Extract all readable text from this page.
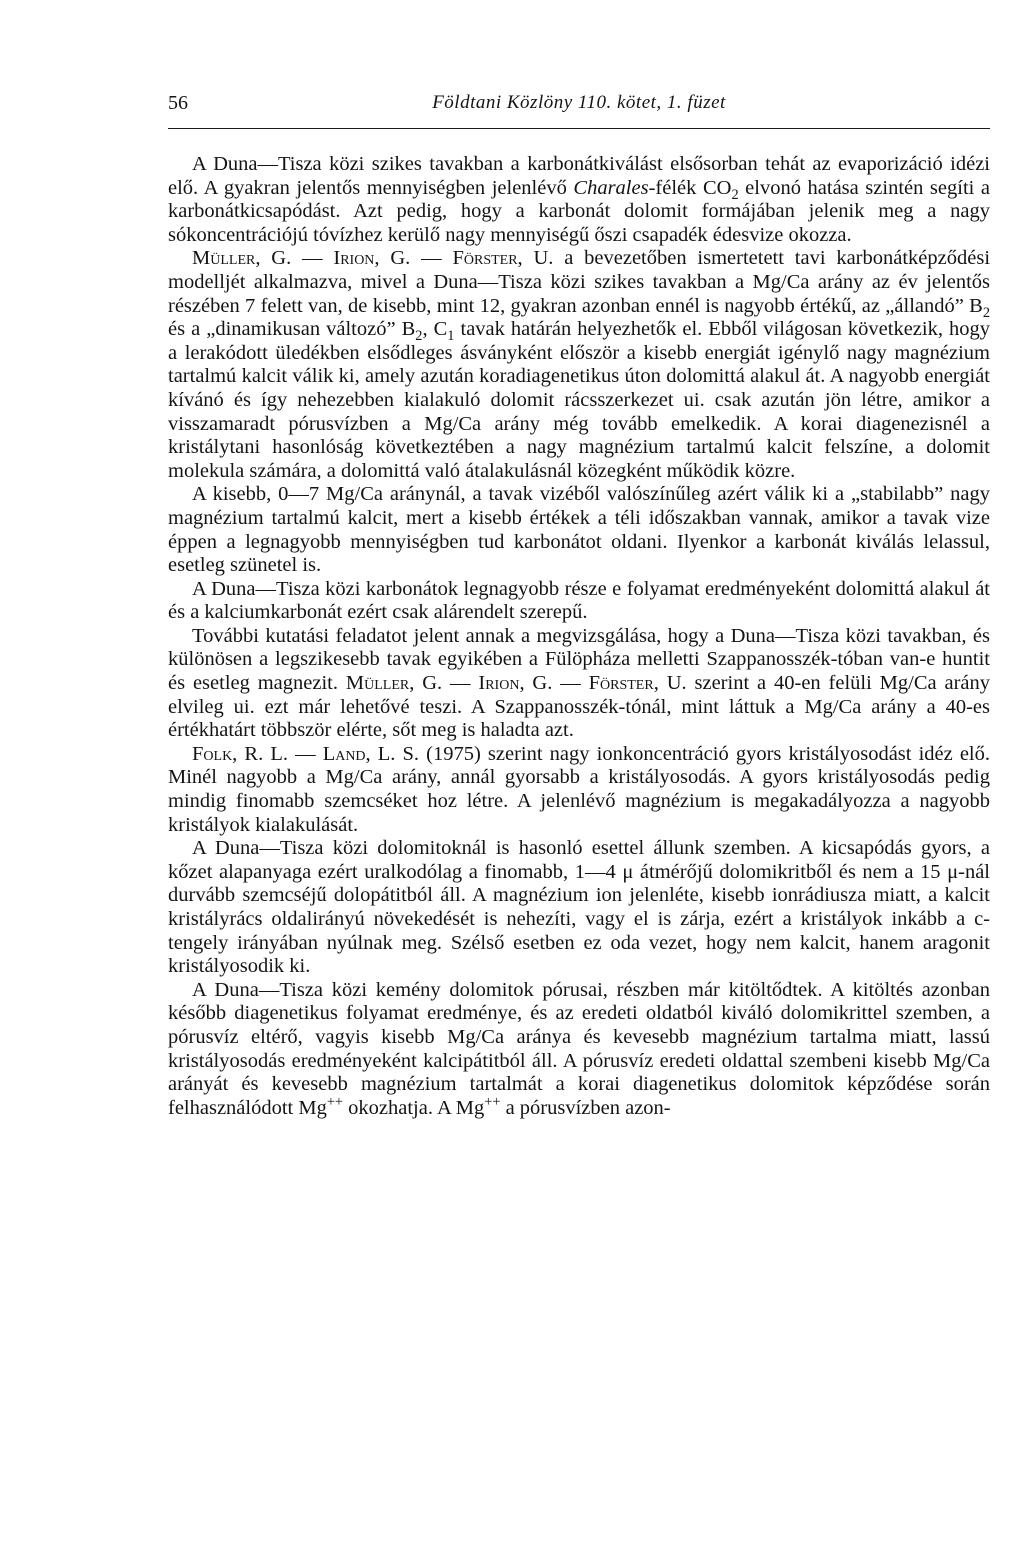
56	Földtani Közlöny 110. kötet, 1. füzet

A Duna—Tisza közi szikes tavakban a karbonátkiválást elsősorban tehát az evaporizáció idézi elő. A gyakran jelentős mennyiségben jelenlévő Charales-félék $CO_2$ elvonó hatása szintén segíti a karbonátkicsapódást. Azt pedig, hogy a karbonát dolomit formájában jelenik meg a nagy sókoncentrációjú tóvízhez kerülő nagy mennyiségű őszi csapadék édesvize okozza.

Müller, G. — Irion, G. — Förster, U. a bevezetőben ismertetett tavi karbonátképződési modelljét alkalmazva, mivel a Duna—Tisza közi szikes tavakban a Mg/Ca arány az év jelentős részében 7 felett van, de kisebb, mint 12, gyakran azonban ennél is nagyobb értékű, az „állandó” $B_2$ és a „dinamikusan változó” $B_2$, $C_1$ tavak határán helyezhetők el. Ebből világosan következik, hogy a lerakódott üledékben elsődleges ásványként először a kisebb energiát igénylő nagy magnézium tartalmú kalcit válik ki, amely azután koradiagenetikus úton dolomittá alakul át. A nagyobb energiát kívánó és így nehezebben kialakuló dolomit rácsszerkezet ui. csak azután jön létre, amikor a visszamaradt pórusvízben a Mg/Ca arány még tovább emelkedik. A korai diagenezisnél a kristálytani hasonlóság következtében a nagy magnézium tartalmú kalcit felszíne, a dolomit molekula számára, a dolomittá való átalakulásnál közegként működik közre.

A kisebb, 0—7 Mg/Ca aránynál, a tavak vizéből valószínűleg azért válik ki a „stabilabb” nagy magnézium tartalmú kalcit, mert a kisebb értékek a téli időszakban vannak, amikor a tavak vize éppen a legnagyobb mennyiségben tud karbonátot oldani. Ilyenkor a karbonát kiválás lelassul, esetleg szünetel is.

A Duna—Tisza közi karbonátok legnagyobb része e folyamat eredményeként dolomittá alakul át és a kalciumkarbonát ezért csak alárendelt szerepű.

További kutatási feladatot jelent annak a megvizsgálása, hogy a Duna—Tisza közi tavakban, és különösen a legszikesebb tavak egyikében a Fülöpháza melletti Szappanosszék-tóban van-e huntit és esetleg magnezit. Müller, G. — Irion, G. — Förster, U. szerint a 40-en felüli Mg/Ca arány elvileg ui. ezt már lehetővé teszi. A Szappanosszék-tónál, mint láttuk a Mg/Ca arány a 40-es értékhatárt többször elérte, sőt meg is haladta azt.

Folk, R. L. — Land, L. S. (1975) szerint nagy ionkoncentráció gyors kristályosodást idéz elő. Minél nagyobb a Mg/Ca arány, annál gyorsabb a kristályosodás. A gyors kristályosodás pedig mindig finomabb szemcséket hoz létre. A jelenlévő magnézium is megakadályozza a nagyobb kristályok kialakulását.

A Duna—Tisza közi dolomitoknál is hasonló esettel állunk szemben. A kicsapódás gyors, a kőzet alapanyaga ezért uralkodólag a finomabb, 1—4 μ átmérőjű dolomikritből és nem a 15 μ-nál durvább szemcséjű dolopátitból áll. A magnézium ion jelenléte, kisebb ionrádiusza miatt, a kalcit kristályrács oldalirányú növekedését is nehezíti, vagy el is zárja, ezért a kristályok inkább a c-tengely irányában nyúlnak meg. Szélső esetben ez oda vezet, hogy nem kalcit, hanem aragonit kristályosodik ki.

A Duna—Tisza közi kemény dolomitok pórusai, részben már kitöltődtek. A kitöltés azonban később diagenetikus folyamat eredménye, és az eredeti oldatból kiváló dolomikrittel szemben, a pórusvíz eltérő, vagyis kisebb Mg/Ca aránya és kevesebb magnézium tartalma miatt, lassú kristályosodás eredményeként kalcipátitból áll. A pórusvíz eredeti oldattal szembeni kisebb Mg/Ca arányát és kevesebb magnézium tartalmát a korai diagenetikus dolomitok képződése során felhasználódott Mg++ okozhatja. A Mg++ a pórusvízben azon-
